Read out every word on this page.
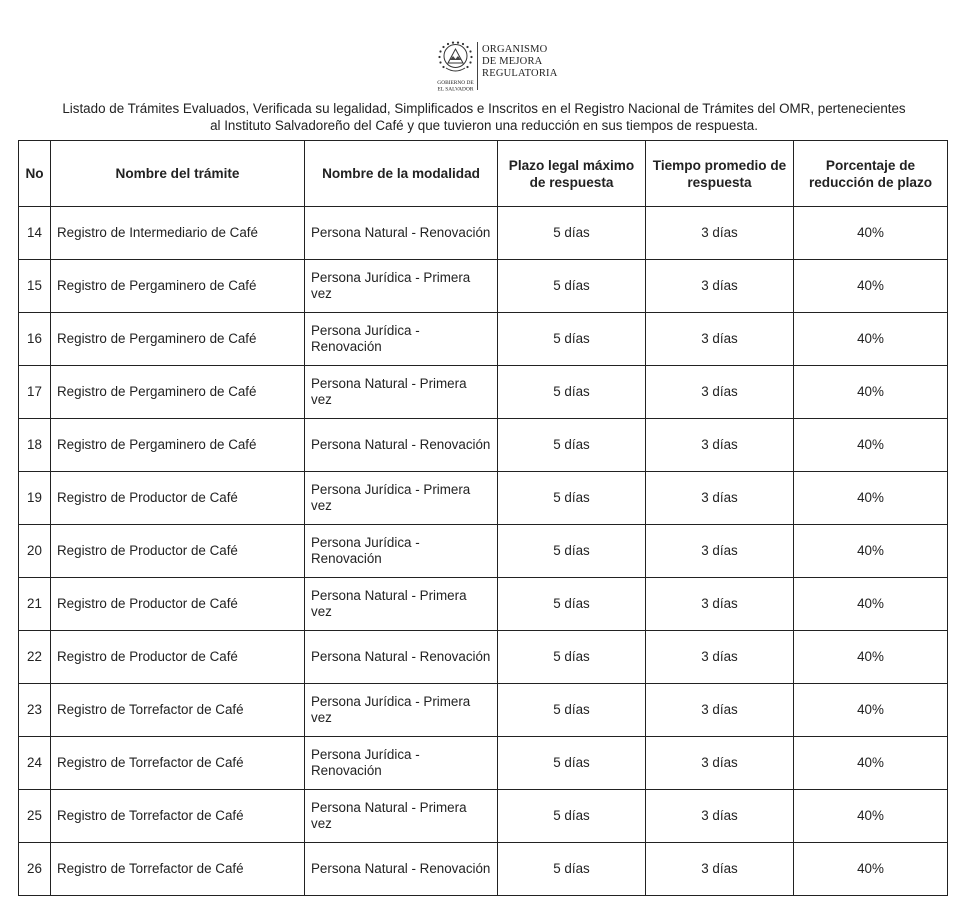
GOBIERNO DE
EL SALVADOR
ORGANISMO
DE MEJORA
REGULATORIA
Listado de Trámites Evaluados, Verificada su legalidad, Simplificados e Inscritos en el Registro Nacional de Trámites del OMR, pertenecientes
al Instituto Salvadoreño del Café y que tuvieron una reducción en sus tiempos de respuesta.
No	Nombre del trámite	Nombre de la modalidad	Plazo legal máximo de respuesta	Tiempo promedio de respuesta	Porcentaje de reducción de plazo
14	Registro de Intermediario de Café	Persona Natural - Renovación	5 días	3 días	40%
15	Registro de Pergaminero de Café	Persona Jurídica - Primera vez	5 días	3 días	40%
16	Registro de Pergaminero de Café	Persona Jurídica - Renovación	5 días	3 días	40%
17	Registro de Pergaminero de Café	Persona Natural - Primera vez	5 días	3 días	40%
18	Registro de Pergaminero de Café	Persona Natural - Renovación	5 días	3 días	40%
19	Registro de Productor de Café	Persona Jurídica - Primera vez	5 días	3 días	40%
20	Registro de Productor de Café	Persona Jurídica - Renovación	5 días	3 días	40%
21	Registro de Productor de Café	Persona Natural - Primera vez	5 días	3 días	40%
22	Registro de Productor de Café	Persona Natural - Renovación	5 días	3 días	40%
23	Registro de Torrefactor de Café	Persona Jurídica - Primera vez	5 días	3 días	40%
24	Registro de Torrefactor de Café	Persona Jurídica - Renovación	5 días	3 días	40%
25	Registro de Torrefactor de Café	Persona Natural - Primera vez	5 días	3 días	40%
26	Registro de Torrefactor de Café	Persona Natural - Renovación	5 días	3 días	40%
